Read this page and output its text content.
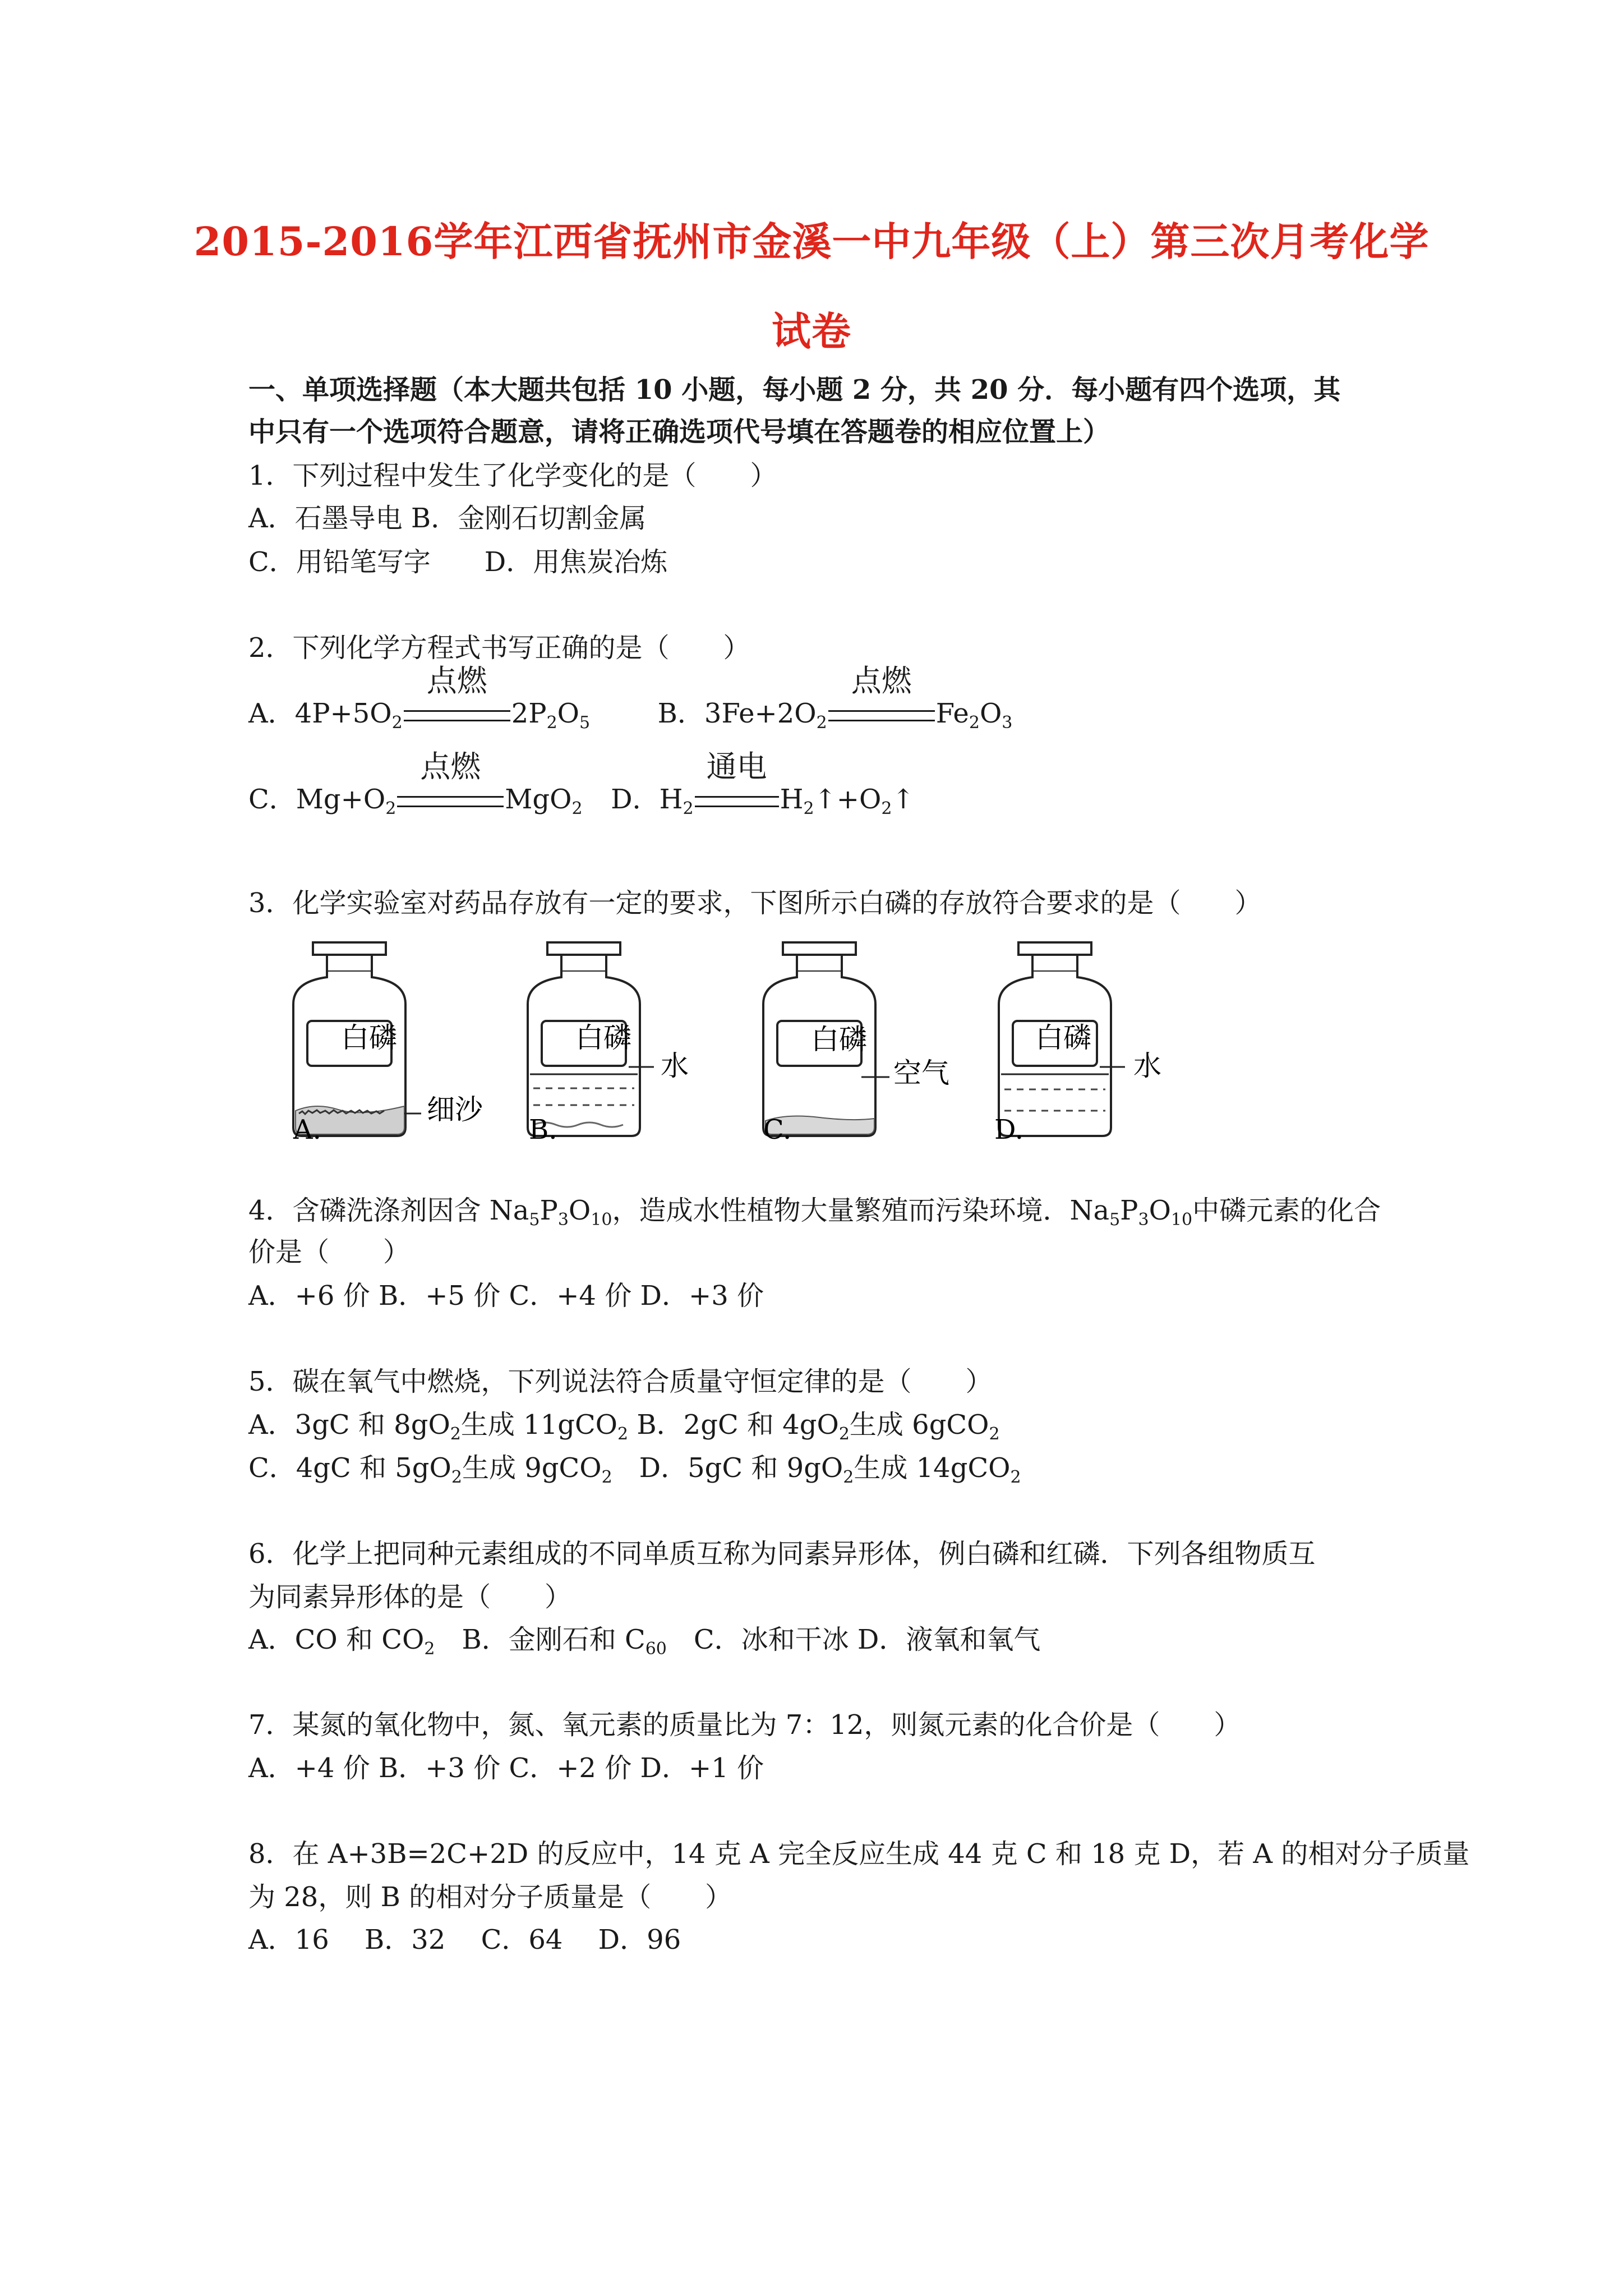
2015-2016学年江西省抚州市金溪一中九年级（上）第三次月考化学
试卷
一、单项选择题（本大题共包括 10 小题，每小题 2 分，共 20 分．每小题有四个选项，其
中只有一个选项符合题意，请将正确选项代号填在答题卷的相应位置上）
1．下列过程中发生了化学变化的是（　　）
A．石墨导电 B．金刚石切割金属
C．用铅笔写字　　D．用焦炭冶炼
2．下列化学方程式书写正确的是（　　）
A．$4P+5O_2$
点燃
$2P_2O_5$	B．$3Fe+2O_2$
点燃
$Fe_2O_3$
C．$Mg+O_2$
点燃
MgO$_2$ D．$H_2$
通电
$H_2↑+O_2↑$
3．化学实验室对药品存放有一定的要求，下图所示白磷的存放符合要求的是（　　）
A.
白磷
细沙
B.
白磷
水
C.
白磷
空气
D.
白磷
水
4．含磷洗涤剂因含 $Na_5P_3O_{10}$，造成水性植物大量繁殖而污染环境．$Na_5P_3O_{10}$中磷元素的化合
价是（　　）
A．+6 价 B．+5 价 C．+4 价 D．+3 价
5．碳在氧气中燃烧，下列说法符合质量守恒定律的是（　　）
A．3gC 和 $8gO_2$生成 11gCO$_2$ B．2gC 和 $4gO_2$生成 6gCO$_2$
C．4gC 和 $5gO_2$生成 9gCO$_2$　D．5gC 和 $9gO_2$生成 14gCO$_2$
6．化学上把同种元素组成的不同单质互称为同素异形体，例白磷和红磷．下列各组物质互
为同素异形体的是（　　）
A．CO 和 $CO_2$　B．金刚石和 $C_{60}$　C．冰和干冰 D．液氧和氧气
7．某氮的氧化物中，氮、氧元素的质量比为 7：12，则氮元素的化合价是（　　）
A．+4 价 B．+3 价 C．+2 价 D．+1 价
8．在 A+3B=2C+2D 的反应中，14 克 A 完全反应生成 44 克 C 和 18 克 D，若 A 的相对分子质量
为 28，则 B 的相对分子质量是（　　）
A．16　 B．32　 C．64　 D．96
